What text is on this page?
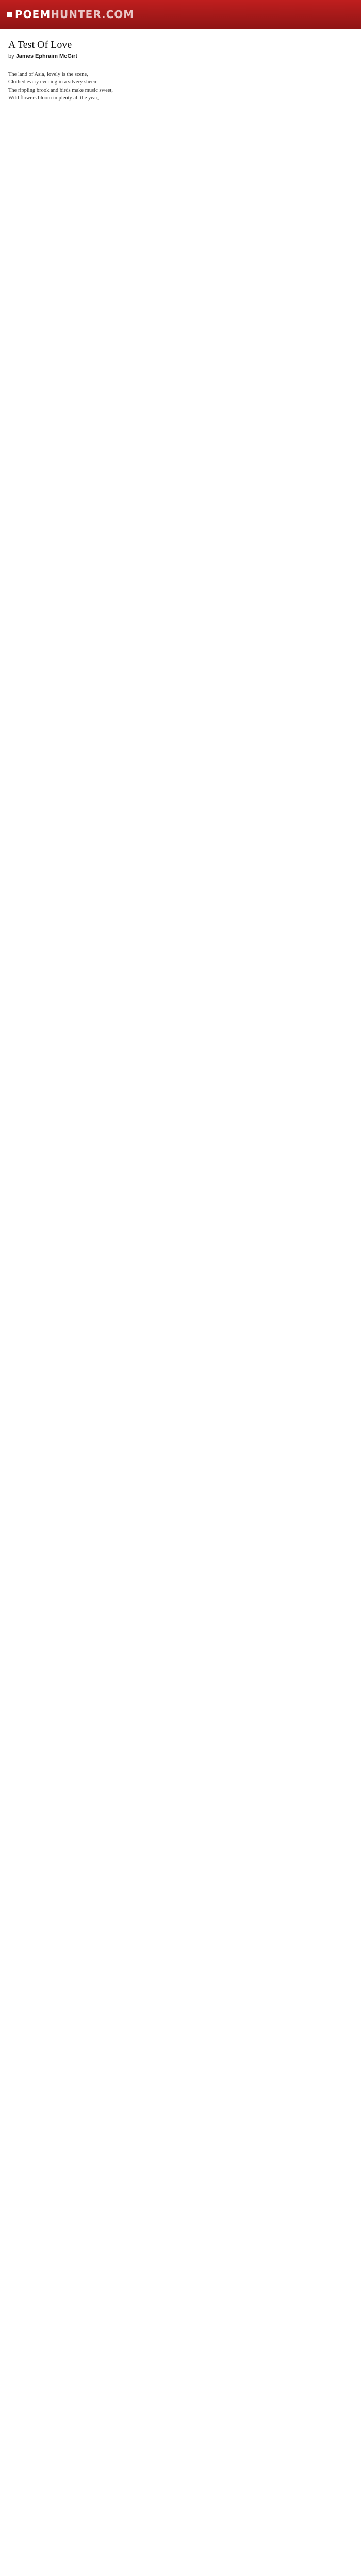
POEM HUNTER.COM
A Test Of Love
by James Ephraim McGirt

The land of Asia, lovely is the scene,

Clothed every evening in a silvery sheen;

The rippling brook and birds make music sweet,

Wild flowers bloom in plenty all the year,
